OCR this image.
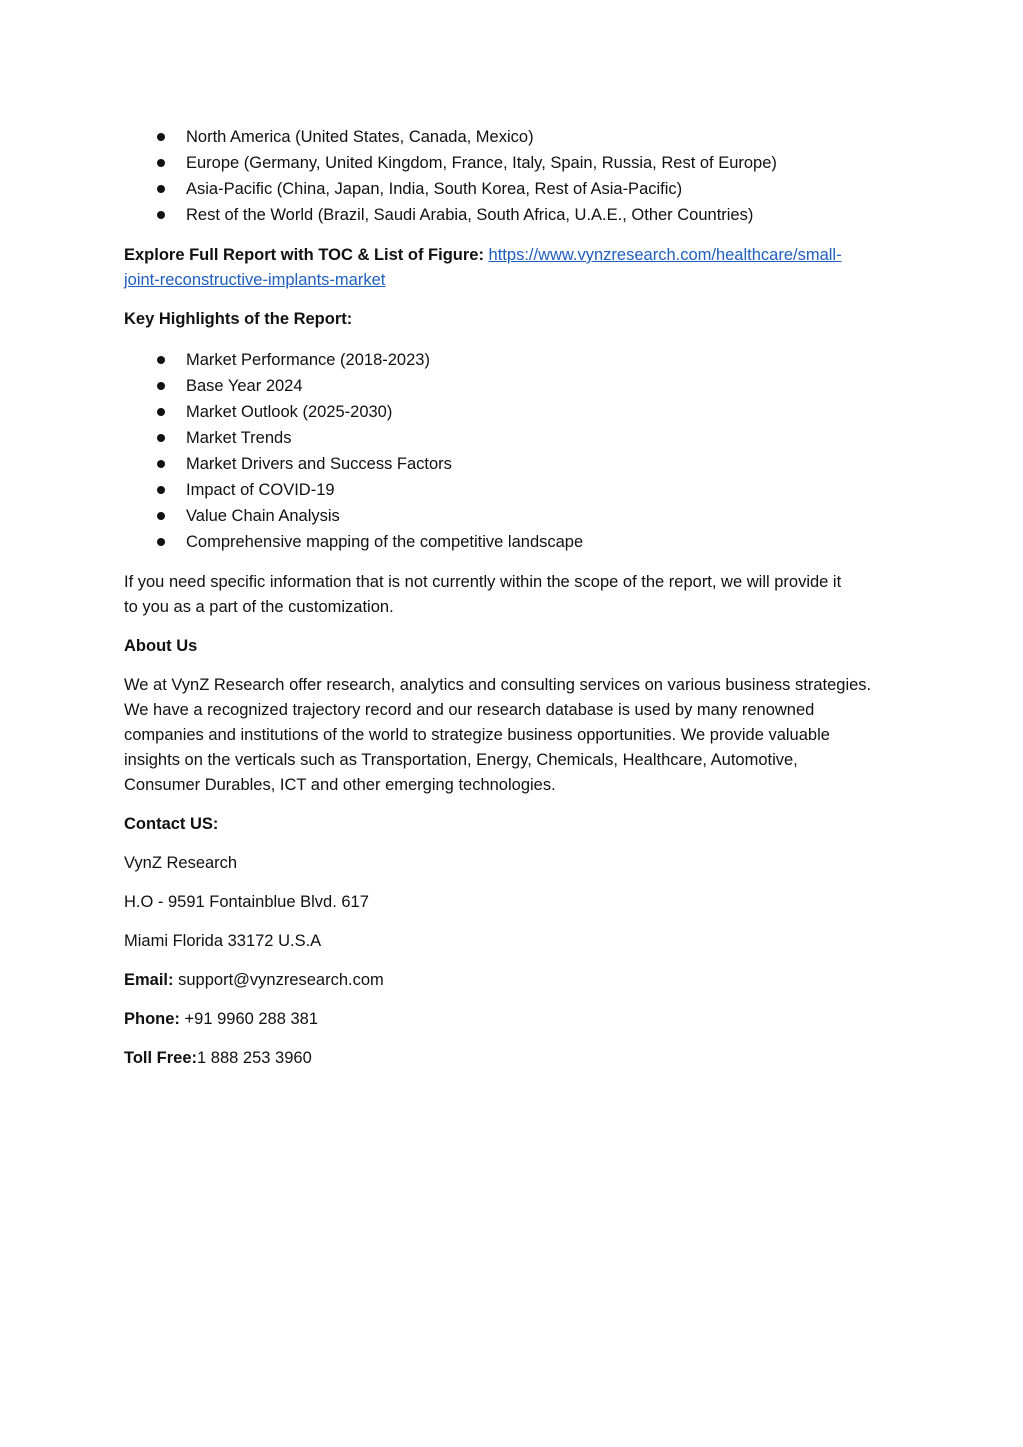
North America (United States, Canada, Mexico)
Europe (Germany, United Kingdom, France, Italy, Spain, Russia, Rest of Europe)
Asia-Pacific (China, Japan, India, South Korea, Rest of Asia-Pacific)
Rest of the World (Brazil, Saudi Arabia, South Africa, U.A.E., Other Countries)

Explore Full Report with TOC & List of Figure: https://www.vynzresearch.com/healthcare/small-
joint-reconstructive-implants-market

Key Highlights of the Report:

Market Performance (2018-2023)
Base Year 2024
Market Outlook (2025-2030)
Market Trends
Market Drivers and Success Factors
Impact of COVID-19
Value Chain Analysis
Comprehensive mapping of the competitive landscape

If you need specific information that is not currently within the scope of the report, we will provide it
to you as a part of the customization.

About Us

We at VynZ Research offer research, analytics and consulting services on various business strategies.
We have a recognized trajectory record and our research database is used by many renowned
companies and institutions of the world to strategize business opportunities. We provide valuable
insights on the verticals such as Transportation, Energy, Chemicals, Healthcare, Automotive,
Consumer Durables, ICT and other emerging technologies.

Contact US:

VynZ Research

H.O - 9591 Fontainblue Blvd. 617

Miami Florida 33172 U.S.A

Email: support@vynzresearch.com

Phone: +91 9960 288 381

Toll Free:1 888 253 3960
